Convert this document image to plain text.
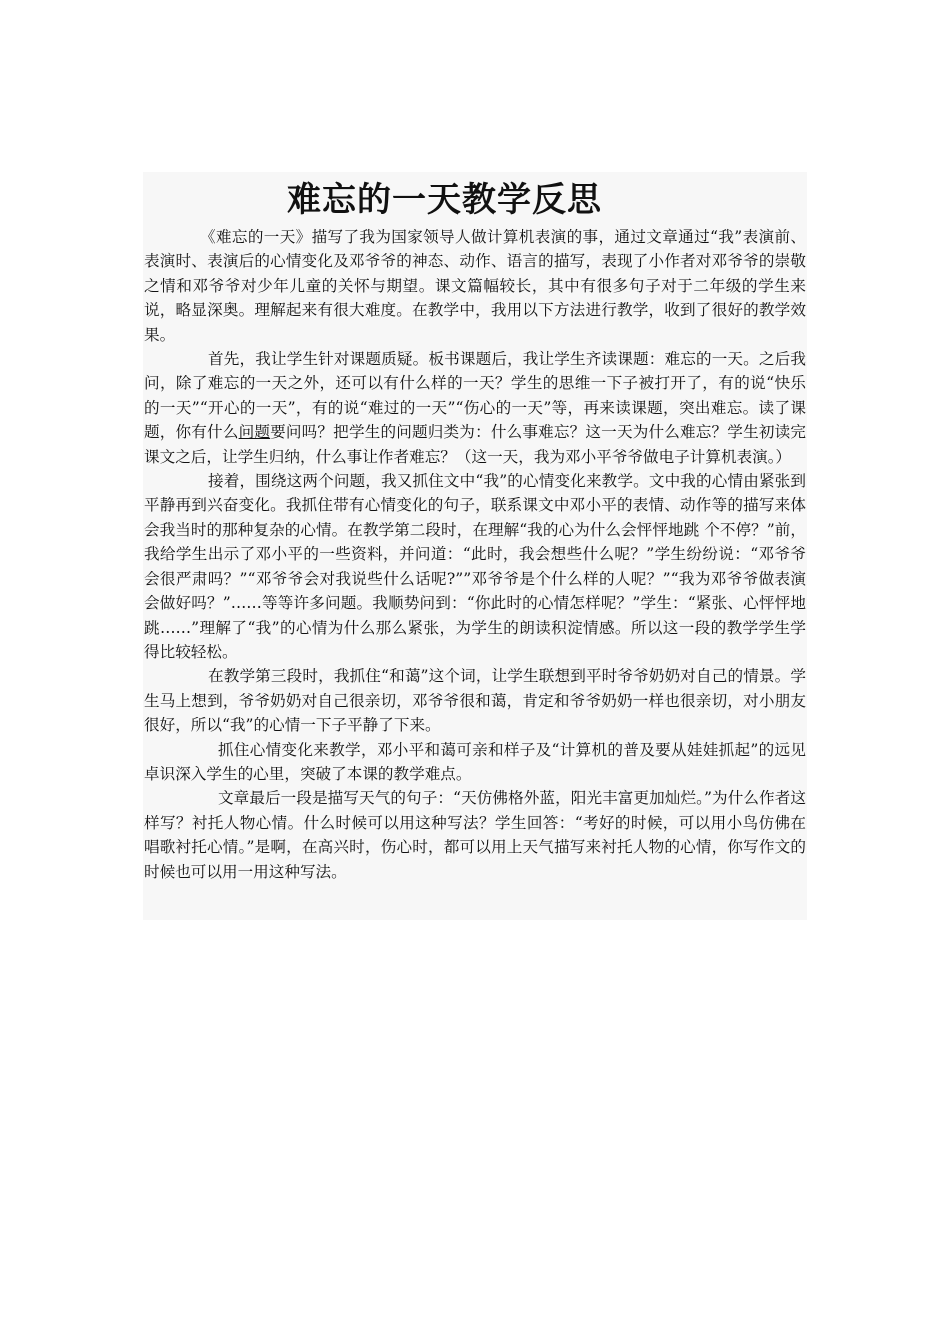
难忘的一天教学反思

《难忘的一天》描写了我为国家领导人做计算机表演的事，通过文章通过“我”表演前、表演时、表演后的心情变化及邓爷爷的神态、动作、语言的描写，表现了小作者对邓爷爷的崇敬之情和邓爷爷对少年儿童的关怀与期望。课文篇幅较长，其中有很多句子对于二年级的学生来说，略显深奥。理解起来有很大难度。在教学中，我用以下方法进行教学，收到了很好的教学效果。

首先，我让学生针对课题质疑。板书课题后，我让学生齐读课题：难忘的一天。之后我问，除了难忘的一天之外，还可以有什么样的一天？学生的思维一下子被打开了，有的说“快乐的一天”“开心的一天”，有的说“难过的一天”“伤心的一天”等，再来读课题，突出难忘。读了课题，你有什么问题要问吗？把学生的问题归类为：什么事难忘？这一天为什么难忘？学生初读完课文之后，让学生归纳，什么事让作者难忘？（这一天，我为邓小平爷爷做电子计算机表演。）

接着，围绕这两个问题，我又抓住文中“我”的心情变化来教学。文中我的心情由紧张到平静再到兴奋变化。我抓住带有心情变化的句子，联系课文中邓小平的表情、动作等的描写来体会我当时的那种复杂的心情。在教学第二段时，在理解“我的心为什么会怦怦地跳 个不停？”前，我给学生出示了邓小平的一些资料，并问道：“此时，我会想些什么呢？”学生纷纷说：“邓爷爷会很严肃吗？”“邓爷爷会对我说些什么话呢?””邓爷爷是个什么样的人呢？”“我为邓爷爷做表演会做好吗？”……等等许多问题。我顺势问到：“你此时的心情怎样呢？”学生：“紧张、心怦怦地跳……”理解了“我”的心情为什么那么紧张，为学生的朗读积淀情感。所以这一段的教学学生学得比较轻松。

在教学第三段时，我抓住“和蔼”这个词，让学生联想到平时爷爷奶奶对自己的情景。学生马上想到，爷爷奶奶对自己很亲切，邓爷爷很和蔼，肯定和爷爷奶奶一样也很亲切，对小朋友很好，所以“我”的心情一下子平静了下来。

抓住心情变化来教学，邓小平和蔼可亲和样子及“计算机的普及要从娃娃抓起”的远见卓识深入学生的心里，突破了本课的教学难点。

文章最后一段是描写天气的句子：“天仿佛格外蓝，阳光丰富更加灿烂。”为什么作者这样写？衬托人物心情。什么时候可以用这种写法？学生回答：“考好的时候，可以用小鸟仿佛在唱歌衬托心情。”是啊，在高兴时，伤心时，都可以用上天气描写来衬托人物的心情，你写作文的时候也可以用一用这种写法。
